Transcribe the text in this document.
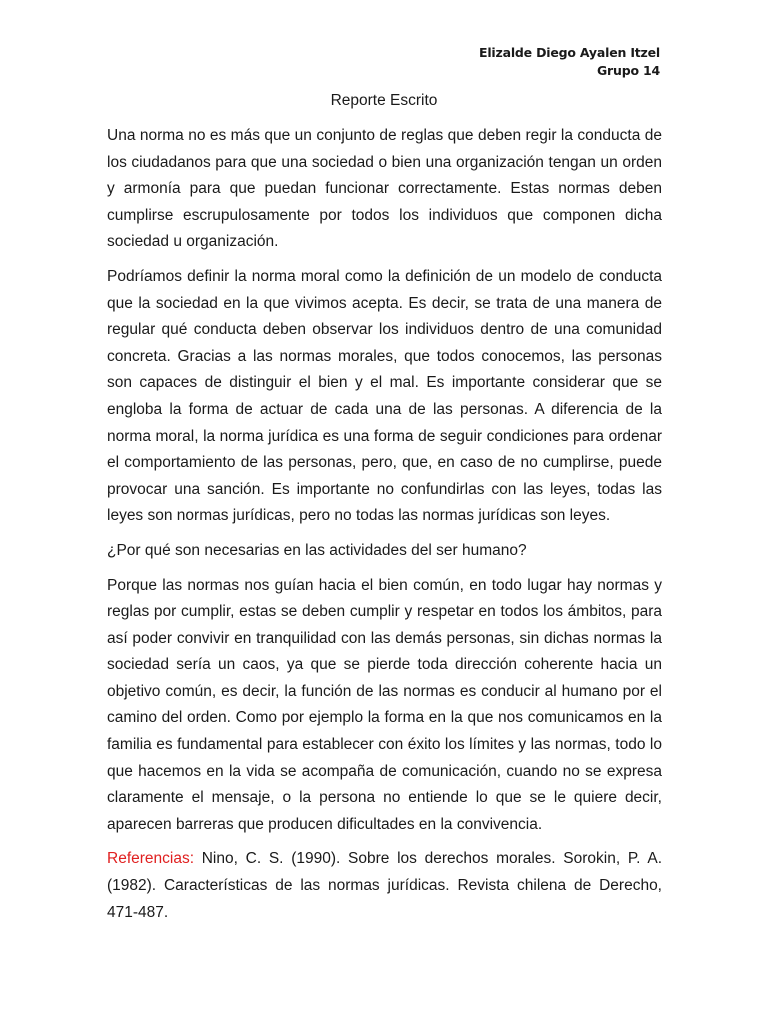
Elizalde Diego Ayalen Itzel
Grupo 14
Reporte Escrito

Una norma no es más que un conjunto de reglas que deben regir la conducta de los ciudadanos para que una sociedad o bien una organización tengan un orden y armonía para que puedan funcionar correctamente. Estas normas deben cumplirse escrupulosamente por todos los individuos que componen dicha sociedad u organización.

Podríamos definir la norma moral como la definición de un modelo de conducta que la sociedad en la que vivimos acepta. Es decir, se trata de una manera de regular qué conducta deben observar los individuos dentro de una comunidad concreta. Gracias a las normas morales, que todos conocemos, las personas son capaces de distinguir el bien y el mal. Es importante considerar que se engloba la forma de actuar de cada una de las personas. A diferencia de la norma moral, la norma jurídica es una forma de seguir condiciones para ordenar el comportamiento de las personas, pero, que, en caso de no cumplirse, puede provocar una sanción. Es importante no confundirlas con las leyes, todas las leyes son normas jurídicas, pero no todas las normas jurídicas son leyes.

¿Por qué son necesarias en las actividades del ser humano?

Porque las normas nos guían hacia el bien común, en todo lugar hay normas y reglas por cumplir, estas se deben cumplir y respetar en todos los ámbitos, para así poder convivir en tranquilidad con las demás personas, sin dichas normas la sociedad sería un caos, ya que se pierde toda dirección coherente hacia un objetivo común, es decir, la función de las normas es conducir al humano por el camino del orden. Como por ejemplo la forma en la que nos comunicamos en la familia es fundamental para establecer con éxito los límites y las normas, todo lo que hacemos en la vida se acompaña de comunicación, cuando no se expresa claramente el mensaje, o la persona no entiende lo que se le quiere decir, aparecen barreras que producen dificultades en la convivencia.

Referencias: Nino, C. S. (1990). Sobre los derechos morales. Sorokin, P. A. (1982). Características de las normas jurídicas. Revista chilena de Derecho, 471-487.
